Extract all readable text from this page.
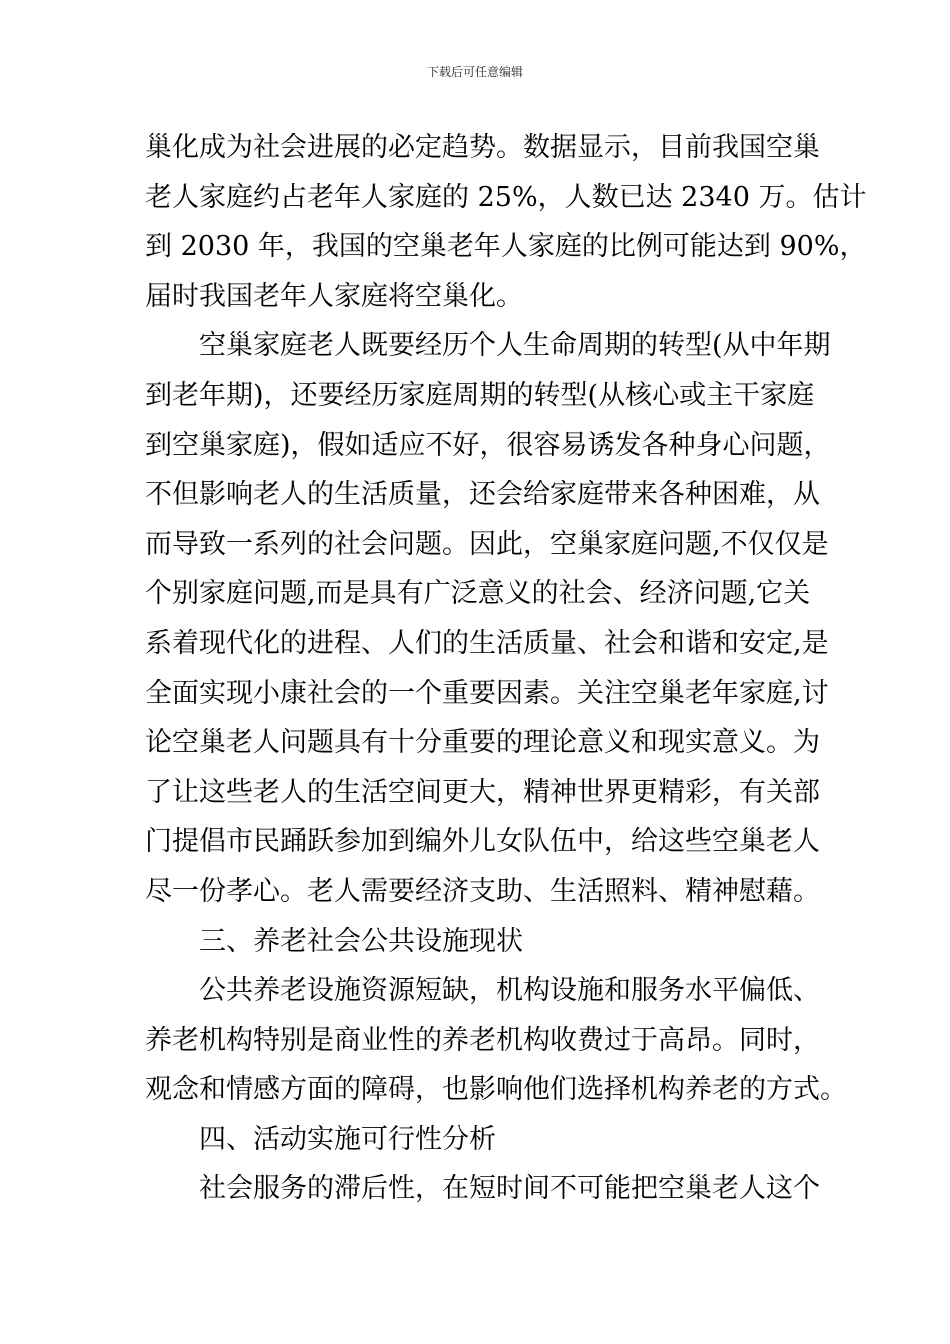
下载后可任意编辑
巢化成为社会进展的必定趋势。数据显示，目前我国空巢
老人家庭约占老年人家庭的 25%，人数已达 2340 万。估计
到 2030 年，我国的空巢老年人家庭的比例可能达到 90%，
届时我国老年人家庭将空巢化。
空巢家庭老人既要经历个人生命周期的转型(从中年期
到老年期)，还要经历家庭周期的转型(从核心或主干家庭
到空巢家庭)，假如适应不好，很容易诱发各种身心问题，
不但影响老人的生活质量，还会给家庭带来各种困难，从
而导致一系列的社会问题。因此，空巢家庭问题,不仅仅是
个别家庭问题,而是具有广泛意义的社会、经济问题,它关
系着现代化的进程、人们的生活质量、社会和谐和安定,是
全面实现小康社会的一个重要因素。关注空巢老年家庭,讨
论空巢老人问题具有十分重要的理论意义和现实意义。为
了让这些老人的生活空间更大，精神世界更精彩，有关部
门提倡市民踊跃参加到编外儿女队伍中，给这些空巢老人
尽一份孝心。老人需要经济支助、生活照料、精神慰藉。
三、养老社会公共设施现状
公共养老设施资源短缺，机构设施和服务水平偏低、
养老机构特别是商业性的养老机构收费过于高昂。同时，
观念和情感方面的障碍，也影响他们选择机构养老的方式。
四、活动实施可行性分析
社会服务的滞后性，在短时间不可能把空巢老人这个
